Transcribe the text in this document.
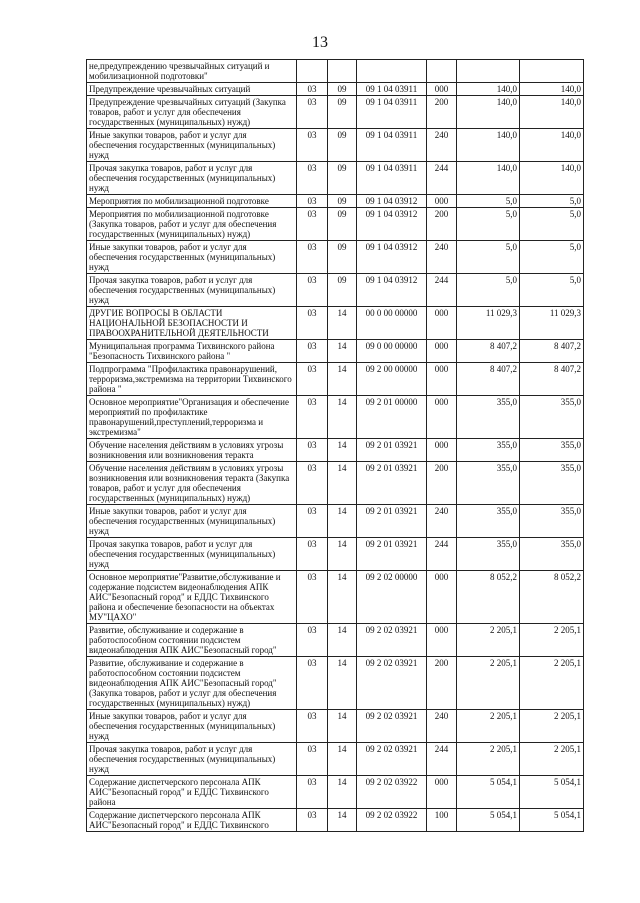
13
не,предупреждению чрезвычайных ситуаций и мобилизационной подготовки"						
Предупреждение чрезвычайных ситуаций	03	09	09 1 04 03911	000	140,0	140,0
Предупреждение чрезвычайных ситуаций (Закупка товаров, работ и услуг для обеспечения государственных (муниципальных) нужд)	03	09	09 1 04 03911	200	140,0	140,0
Иные закупки товаров, работ и услуг для обеспечения государственных (муниципальных) нужд	03	09	09 1 04 03911	240	140,0	140,0
Прочая закупка товаров, работ и услуг для обеспечения государственных (муниципальных) нужд	03	09	09 1 04 03911	244	140,0	140,0
Мероприятия по мобилизационной подготовке	03	09	09 1 04 03912	000	5,0	5,0
Мероприятия по мобилизационной подготовке (Закупка товаров, работ и услуг для обеспечения государственных (муниципальных) нужд)	03	09	09 1 04 03912	200	5,0	5,0
Иные закупки товаров, работ и услуг для обеспечения государственных (муниципальных) нужд	03	09	09 1 04 03912	240	5,0	5,0
Прочая закупка товаров, работ и услуг для обеспечения государственных (муниципальных) нужд	03	09	09 1 04 03912	244	5,0	5,0
ДРУГИЕ ВОПРОСЫ В ОБЛАСТИ НАЦИОНАЛЬНОЙ БЕЗОПАСНОСТИ И ПРАВООХРАНИТЕЛЬНОЙ ДЕЯТЕЛЬНОСТИ	03	14	00 0 00 00000	000	11 029,3	11 029,3
Муниципальная программа Тихвинского района "Безопасность Тихвинского района "	03	14	09 0 00 00000	000	8 407,2	8 407,2
Подпрограмма "Профилактика правонарушений, терроризма,экстремизма на территории Тихвинского района "	03	14	09 2 00 00000	000	8 407,2	8 407,2
Основное мероприятие"Организация и обеспечение мероприятий по профилактике правонарушений,преступлений,терроризма и экстремизма"	03	14	09 2 01 00000	000	355,0	355,0
Обучение населения действиям в условиях угрозы возникновения или возникновения теракта	03	14	09 2 01 03921	000	355,0	355,0
Обучение населения действиям в условиях угрозы возникновения или возникновения теракта (Закупка товаров, работ и услуг для обеспечения государственных (муниципальных) нужд)	03	14	09 2 01 03921	200	355,0	355,0
Иные закупки товаров, работ и услуг для обеспечения государственных (муниципальных) нужд	03	14	09 2 01 03921	240	355,0	355,0
Прочая закупка товаров, работ и услуг для обеспечения государственных (муниципальных) нужд	03	14	09 2 01 03921	244	355,0	355,0
Основное мероприятие"Развитие,обслуживание и содержание подсистем видеонаблюдения АПК АИС"Безопасный город" и ЕДДС Тихвинского района и обеспечение безопасности на объектах МУ"ЦАХО"	03	14	09 2 02 00000	000	8 052,2	8 052,2
Развитие, обслуживание и содержание в работоспособном состоянии подсистем видеонаблюдения АПК АИС"Безопасный город"	03	14	09 2 02 03921	000	2 205,1	2 205,1
Развитие, обслуживание и содержание в работоспособном состоянии подсистем видеонаблюдения АПК АИС"Безопасный город" (Закупка товаров, работ и услуг для обеспечения государственных (муниципальных) нужд)	03	14	09 2 02 03921	200	2 205,1	2 205,1
Иные закупки товаров, работ и услуг для обеспечения государственных (муниципальных) нужд	03	14	09 2 02 03921	240	2 205,1	2 205,1
Прочая закупка товаров, работ и услуг для обеспечения государственных (муниципальных) нужд	03	14	09 2 02 03921	244	2 205,1	2 205,1
Содержание диспетчерского персонала АПК АИС"Безопасный город" и ЕДДС Тихвинского района	03	14	09 2 02 03922	000	5 054,1	5 054,1
Содержание диспетчерского персонала АПК АИС"Безопасный город" и ЕДДС Тихвинского	03	14	09 2 02 03922	100	5 054,1	5 054,1
